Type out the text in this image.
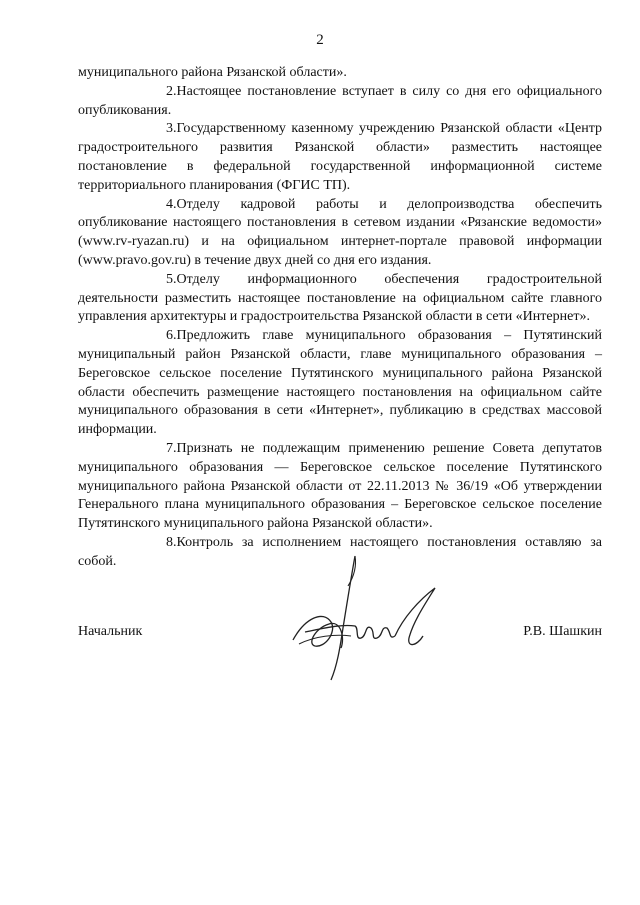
2

муниципального района Рязанской области».

2.Настоящее постановление вступает в силу со дня его официального опубликования.

3.Государственному казенному учреждению Рязанской области «Центр градостроительного развития Рязанской области» разместить настоящее постановление в федеральной государственной информационной системе территориального планирования (ФГИС ТП).

4.Отделу кадровой работы и делопроизводства обеспечить опубликование настоящего постановления в сетевом издании «Рязанские ведомости» (www.rv-ryazan.ru) и на официальном интернет-портале правовой информации (www.pravo.gov.ru) в течение двух дней со дня его издания.

5.Отделу информационного обеспечения градостроительной деятельности разместить настоящее постановление на официальном сайте главного управления архитектуры и градостроительства Рязанской области в сети «Интернет».

6.Предложить главе муниципального образования – Путятинский муниципальный район Рязанской области, главе муниципального образования – Береговское сельское поселение Путятинского муниципального района Рязанской области обеспечить размещение настоящего постановления на официальном сайте муниципального образования в сети «Интернет», публикацию в средствах массовой информации.

7.Признать не подлежащим применению решение Совета депутатов муниципального образования — Береговское сельское поселение Путятинского муниципального района Рязанской области от 22.11.2013 № 36/19 «Об утверждении Генерального плана муниципального образования – Береговское сельское поселение Путятинского муниципального района Рязанской области».

8.Контроль за исполнением настоящего постановления оставляю за собой.

Начальник	Р.В. Шашкин
